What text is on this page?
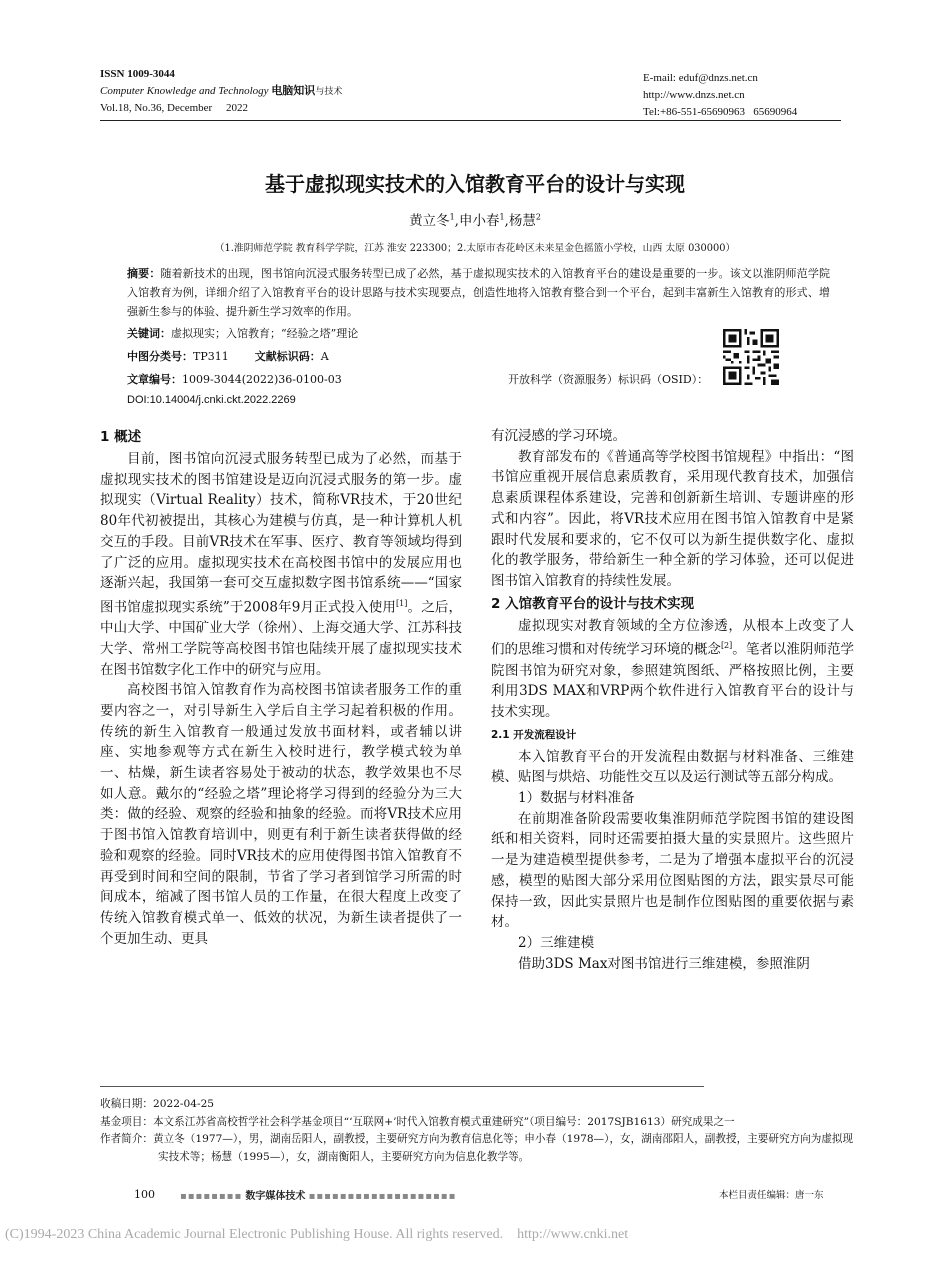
ISSN 1009-3044
Computer Knowledge and Technology 电脑知识与技术
Vol.18, No.36, December     2022
E-mail: eduf@dnzs.net.cn
http://www.dnzs.net.cn
Tel:+86-551-65690963   65690964
基于虚拟现实技术的入馆教育平台的设计与实现
黄立冬$^1$,申小春$^1$,杨慧$^2$
（1.淮阴师范学院 教育科学学院，江苏 淮安 223300；2.太原市杏花岭区未来星金色摇篮小学校，山西 太原 030000）
摘要：随着新技术的出现，图书馆向沉浸式服务转型已成了必然，基于虚拟现实技术的入馆教育平台的建设是重要的一步。该文以淮阴师范学院入馆教育为例，详细介绍了入馆教育平台的设计思路与技术实现要点，创造性地将入馆教育整合到一个平台，起到丰富新生入馆教育的形式、增强新生参与的体验、提升新生学习效率的作用。
关键词：虚拟现实；入馆教育；“经验之塔”理论
中图分类号：TP311 文献标识码：A
文章编号：1009-3044(2022)36-0100-03
DOI:10.14004/j.cnki.ckt.2022.2269
开放科学（资源服务）标识码（OSID）：
1 概述

目前，图书馆向沉浸式服务转型已成为了必然，而基于虚拟现实技术的图书馆建设是迈向沉浸式服务的第一步。虚拟现实（Virtual Reality）技术，简称VR技术，于20世纪80年代初被提出，其核心为建模与仿真，是一种计算机人机交互的手段。目前VR技术在军事、医疗、教育等领域均得到了广泛的应用。虚拟现实技术在高校图书馆中的发展应用也逐渐兴起，我国第一套可交互虚拟数字图书馆系统——“国家图书馆虚拟现实系统”于2008年9月正式投入使用[1]。之后，中山大学、中国矿业大学（徐州）、上海交通大学、江苏科技大学、常州工学院等高校图书馆也陆续开展了虚拟现实技术在图书馆数字化工作中的研究与应用。

高校图书馆入馆教育作为高校图书馆读者服务工作的重要内容之一，对引导新生入学后自主学习起着积极的作用。传统的新生入馆教育一般通过发放书面材料，或者辅以讲座、实地参观等方式在新生入校时进行，教学模式较为单一、枯燥，新生读者容易处于被动的状态，教学效果也不尽如人意。戴尔的“经验之塔”理论将学习得到的经验分为三大类：做的经验、观察的经验和抽象的经验。而将VR技术应用于图书馆入馆教育培训中，则更有利于新生读者获得做的经验和观察的经验。同时VR技术的应用使得图书馆入馆教育不再受到时间和空间的限制，节省了学习者到馆学习所需的时间成本，缩减了图书馆人员的工作量，在很大程度上改变了传统入馆教育模式单一、低效的状况，为新生读者提供了一个更加生动、更具

有沉浸感的学习环境。

教育部发布的《普通高等学校图书馆规程》中指出：“图书馆应重视开展信息素质教育，采用现代教育技术，加强信息素质课程体系建设，完善和创新新生培训、专题讲座的形式和内容”。因此，将VR技术应用在图书馆入馆教育中是紧跟时代发展和要求的，它不仅可以为新生提供数字化、虚拟化的教学服务，带给新生一种全新的学习体验，还可以促进图书馆入馆教育的持续性发展。

2 入馆教育平台的设计与技术实现

虚拟现实对教育领域的全方位渗透，从根本上改变了人们的思维习惯和对传统学习环境的概念[2]。笔者以淮阴师范学院图书馆为研究对象，参照建筑图纸、严格按照比例，主要利用3DS MAX和VRP两个软件进行入馆教育平台的设计与技术实现。

2.1 开发流程设计

本入馆教育平台的开发流程由数据与材料准备、三维建模、贴图与烘焙、功能性交互以及运行测试等五部分构成。

1）数据与材料准备

在前期准备阶段需要收集淮阴师范学院图书馆的建设图纸和相关资料，同时还需要拍摄大量的实景照片。这些照片一是为建造模型提供参考，二是为了增强本虚拟平台的沉浸感，模型的贴图大部分采用位图贴图的方法，跟实景尽可能保持一致，因此实景照片也是制作位图贴图的重要依据与素材。

2）三维建模

借助3DS Max对图书馆进行三维建模，参照淮阴

收稿日期：2022-04-25
基金项目：本文系江苏省高校哲学社会科学基金项目“‘互联网+’时代入馆教育模式重建研究”（项目编号：2017SJB1613）研究成果之一
作者简介：黄立冬（1977—），男，湖南岳阳人，副教授，主要研究方向为教育信息化等；申小春（1978—），女，湖南邵阳人，副教授，主要研究方向为虚拟现实技术等；杨慧（1995—），女，湖南衡阳人，主要研究方向为信息化教学等。
100	▪▪▪▪▪▪▪▪ 数字媒体技术 ▪▪▪▪▪▪▪▪▪▪▪▪▪▪▪▪▪▪▪	本栏目责任编辑：唐一东
(C)1994-2023 China Academic Journal Electronic Publishing House. All rights reserved.    http://www.cnki.net
